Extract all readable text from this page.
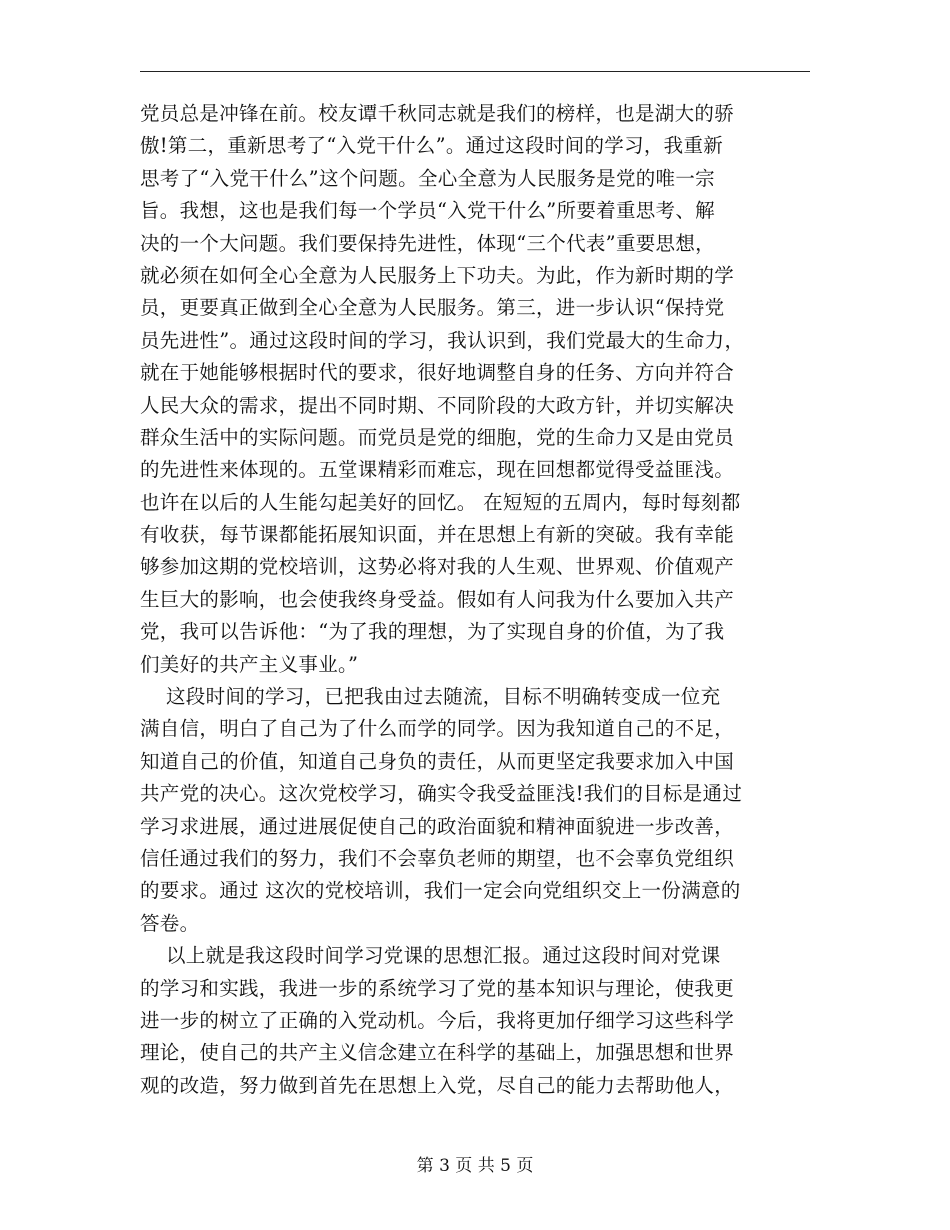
党员总是冲锋在前。校友谭千秋同志就是我们的榜样，也是湖大的骄
傲!第二，重新思考了“入党干什么”。通过这段时间的学习，我重新
思考了“入党干什么”这个问题。全心全意为人民服务是党的唯一宗
旨。我想，这也是我们每一个学员“入党干什么”所要着重思考、解
决的一个大问题。我们要保持先进性，体现“三个代表”重要思想，
就必须在如何全心全意为人民服务上下功夫。为此，作为新时期的学
员，更要真正做到全心全意为人民服务。第三，进一步认识“保持党
员先进性”。通过这段时间的学习，我认识到，我们党最大的生命力，
就在于她能够根据时代的要求，很好地调整自身的任务、方向并符合
人民大众的需求，提出不同时期、不同阶段的大政方针，并切实解决
群众生活中的实际问题。而党员是党的细胞，党的生命力又是由党员
的先进性来体现的。五堂课精彩而难忘，现在回想都觉得受益匪浅。
也许在以后的人生能勾起美好的回忆。 在短短的五周内，每时每刻都
有收获，每节课都能拓展知识面，并在思想上有新的突破。我有幸能
够参加这期的党校培训，这势必将对我的人生观、世界观、价值观产
生巨大的影响，也会使我终身受益。假如有人问我为什么要加入共产
党，我可以告诉他：“为了我的理想，为了实现自身的价值，为了我
们美好的共产主义事业。”
这段时间的学习，已把我由过去随流，目标不明确转变成一位充
满自信，明白了自己为了什么而学的同学。因为我知道自己的不足，
知道自己的价值，知道自己身负的责任，从而更坚定我要求加入中国
共产党的决心。这次党校学习，确实令我受益匪浅!我们的目标是通过
学习求进展，通过进展促使自己的政治面貌和精神面貌进一步改善，
信任通过我们的努力，我们不会辜负老师的期望，也不会辜负党组织
的要求。通过 这次的党校培训，我们一定会向党组织交上一份满意的
答卷。
以上就是我这段时间学习党课的思想汇报。通过这段时间对党课
的学习和实践，我进一步的系统学习了党的基本知识与理论，使我更
进一步的树立了正确的入党动机。今后，我将更加仔细学习这些科学
理论，使自己的共产主义信念建立在科学的基础上，加强思想和世界
观的改造，努力做到首先在思想上入党，尽自己的能力去帮助他人，
第 3 页 共 5 页
